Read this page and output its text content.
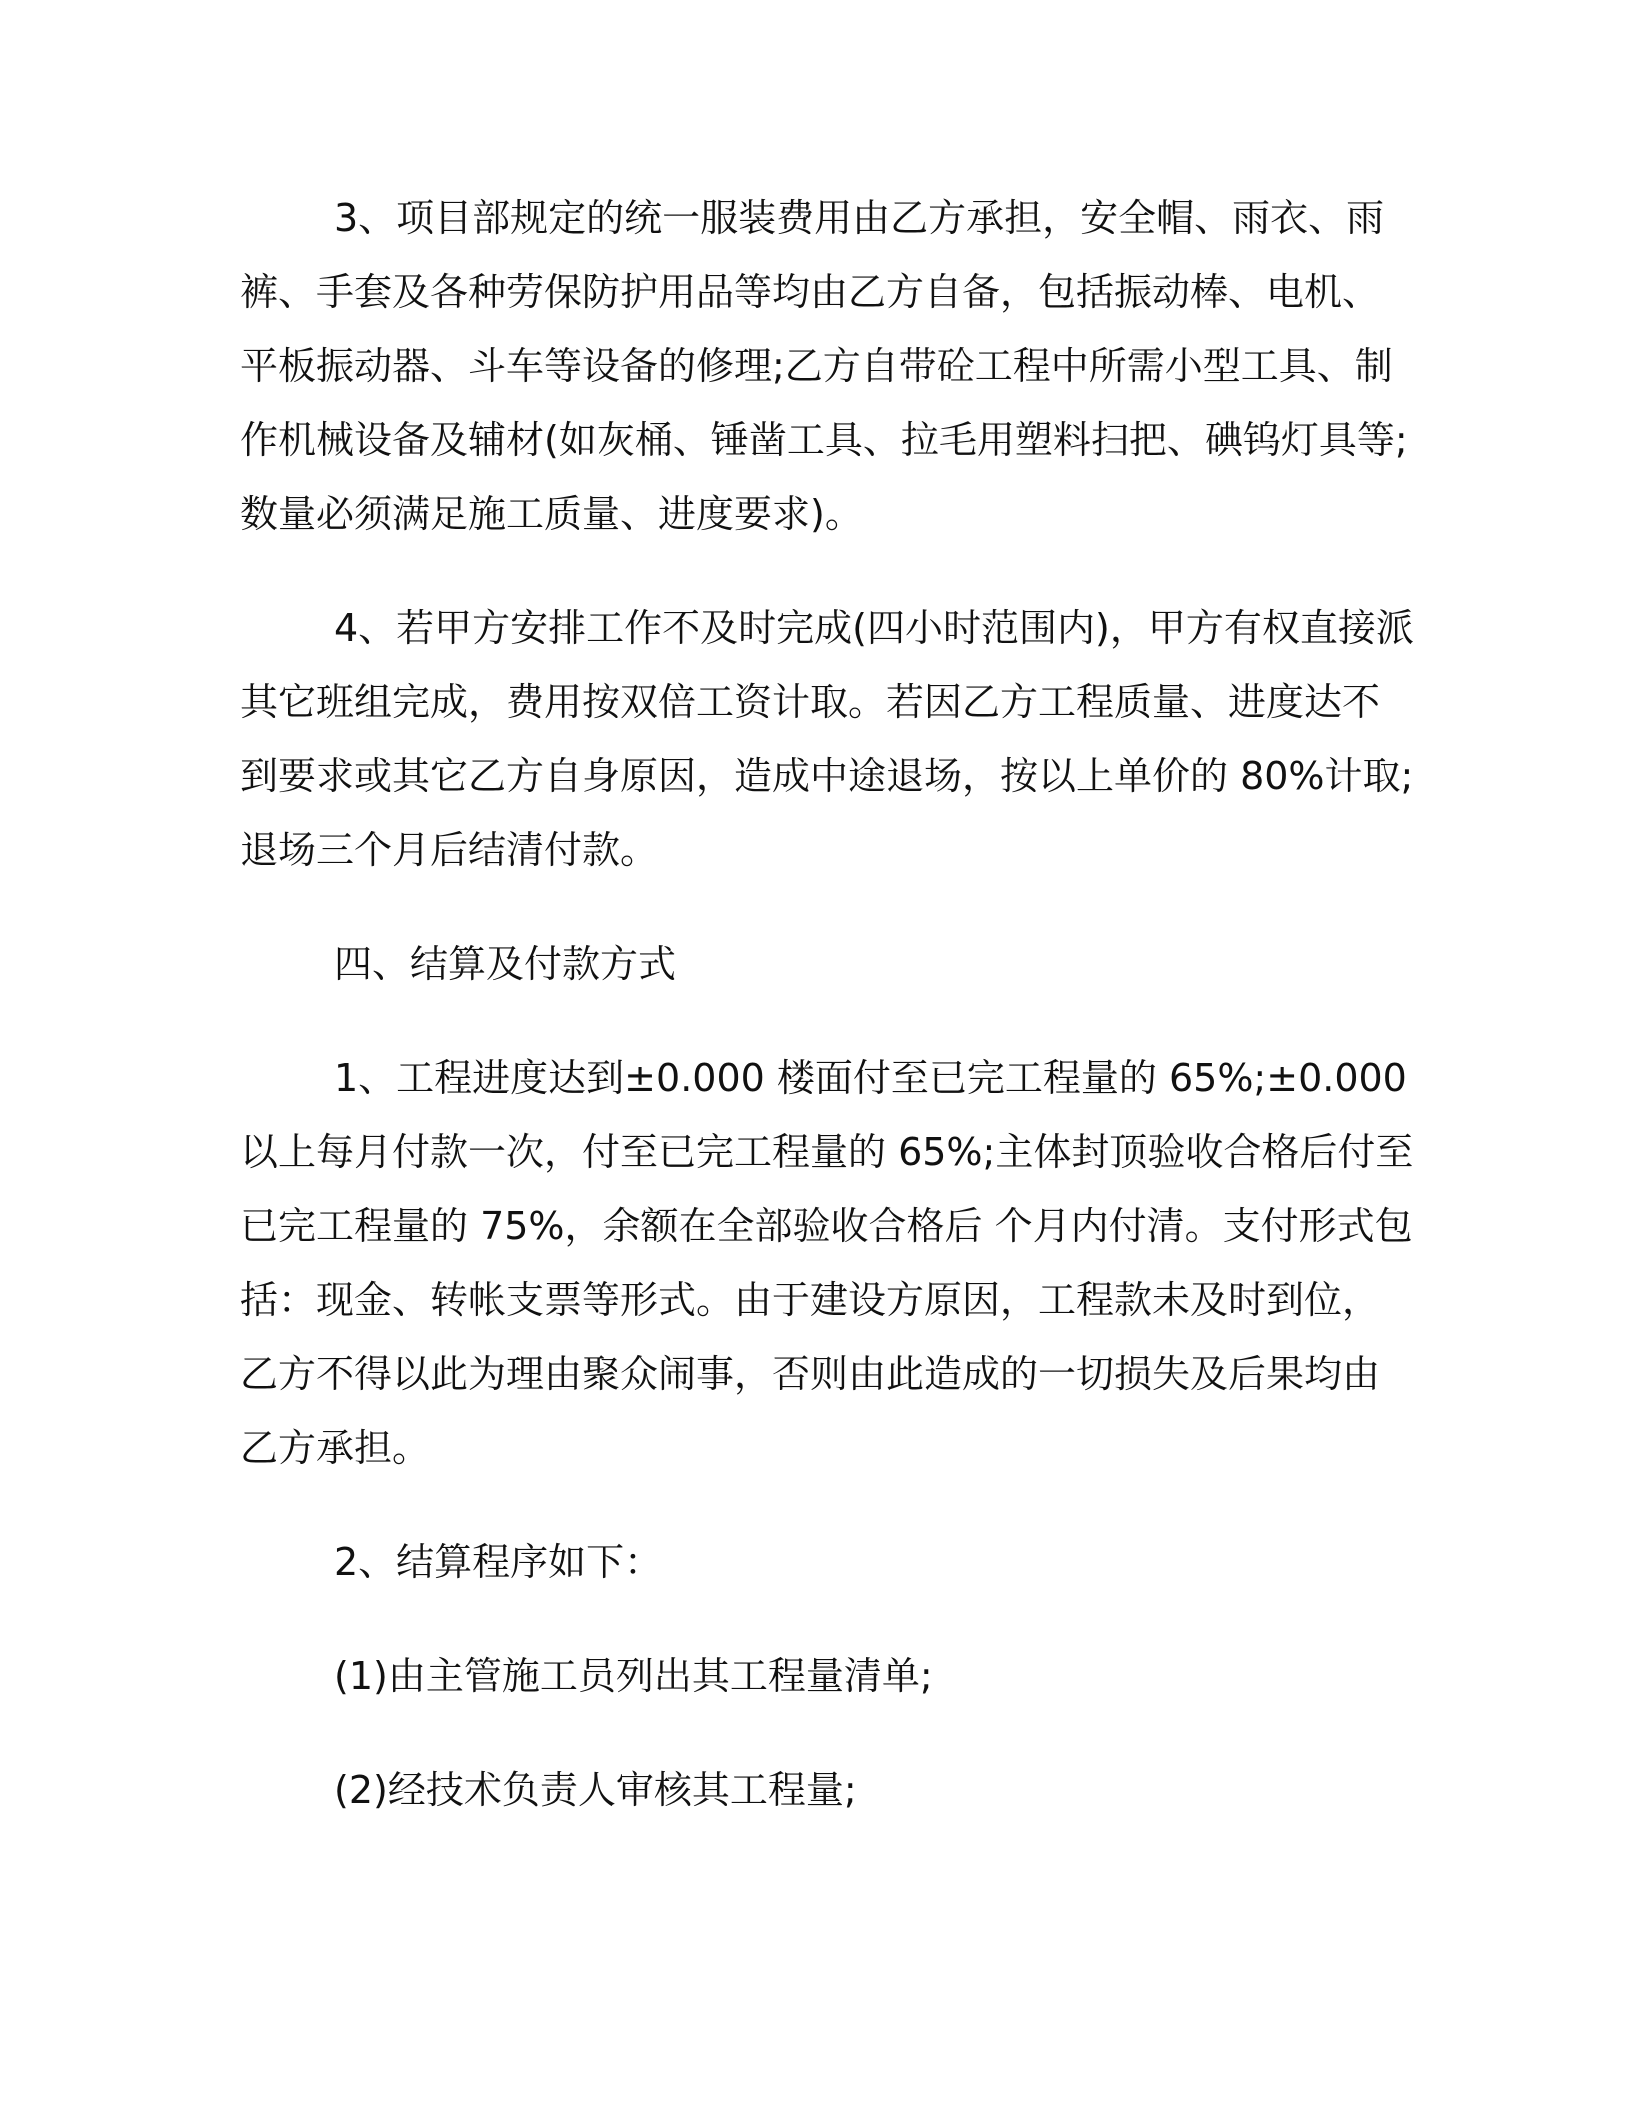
3、项目部规定的统一服装费用由乙方承担，安全帽、雨衣、雨
裤、手套及各种劳保防护用品等均由乙方自备，包括振动棒、电机、
平板振动器、斗车等设备的修理;乙方自带砼工程中所需小型工具、制
作机械设备及辅材(如灰桶、锤凿工具、拉毛用塑料扫把、碘钨灯具等;
数量必须满足施工质量、进度要求)。

4、若甲方安排工作不及时完成(四小时范围内)，甲方有权直接派
其它班组完成，费用按双倍工资计取。若因乙方工程质量、进度达不
到要求或其它乙方自身原因，造成中途退场，按以上单价的 80%计取;
退场三个月后结清付款。

四、结算及付款方式

1、工程进度达到±0.000 楼面付至已完工程量的 65%;±0.000
以上每月付款一次，付至已完工程量的 65%;主体封顶验收合格后付至
已完工程量的 75%，余额在全部验收合格后 个月内付清。支付形式包
括：现金、转帐支票等形式。由于建设方原因，工程款未及时到位，
乙方不得以此为理由聚众闹事，否则由此造成的一切损失及后果均由
乙方承担。

2、结算程序如下：

(1)由主管施工员列出其工程量清单;

(2)经技术负责人审核其工程量;
